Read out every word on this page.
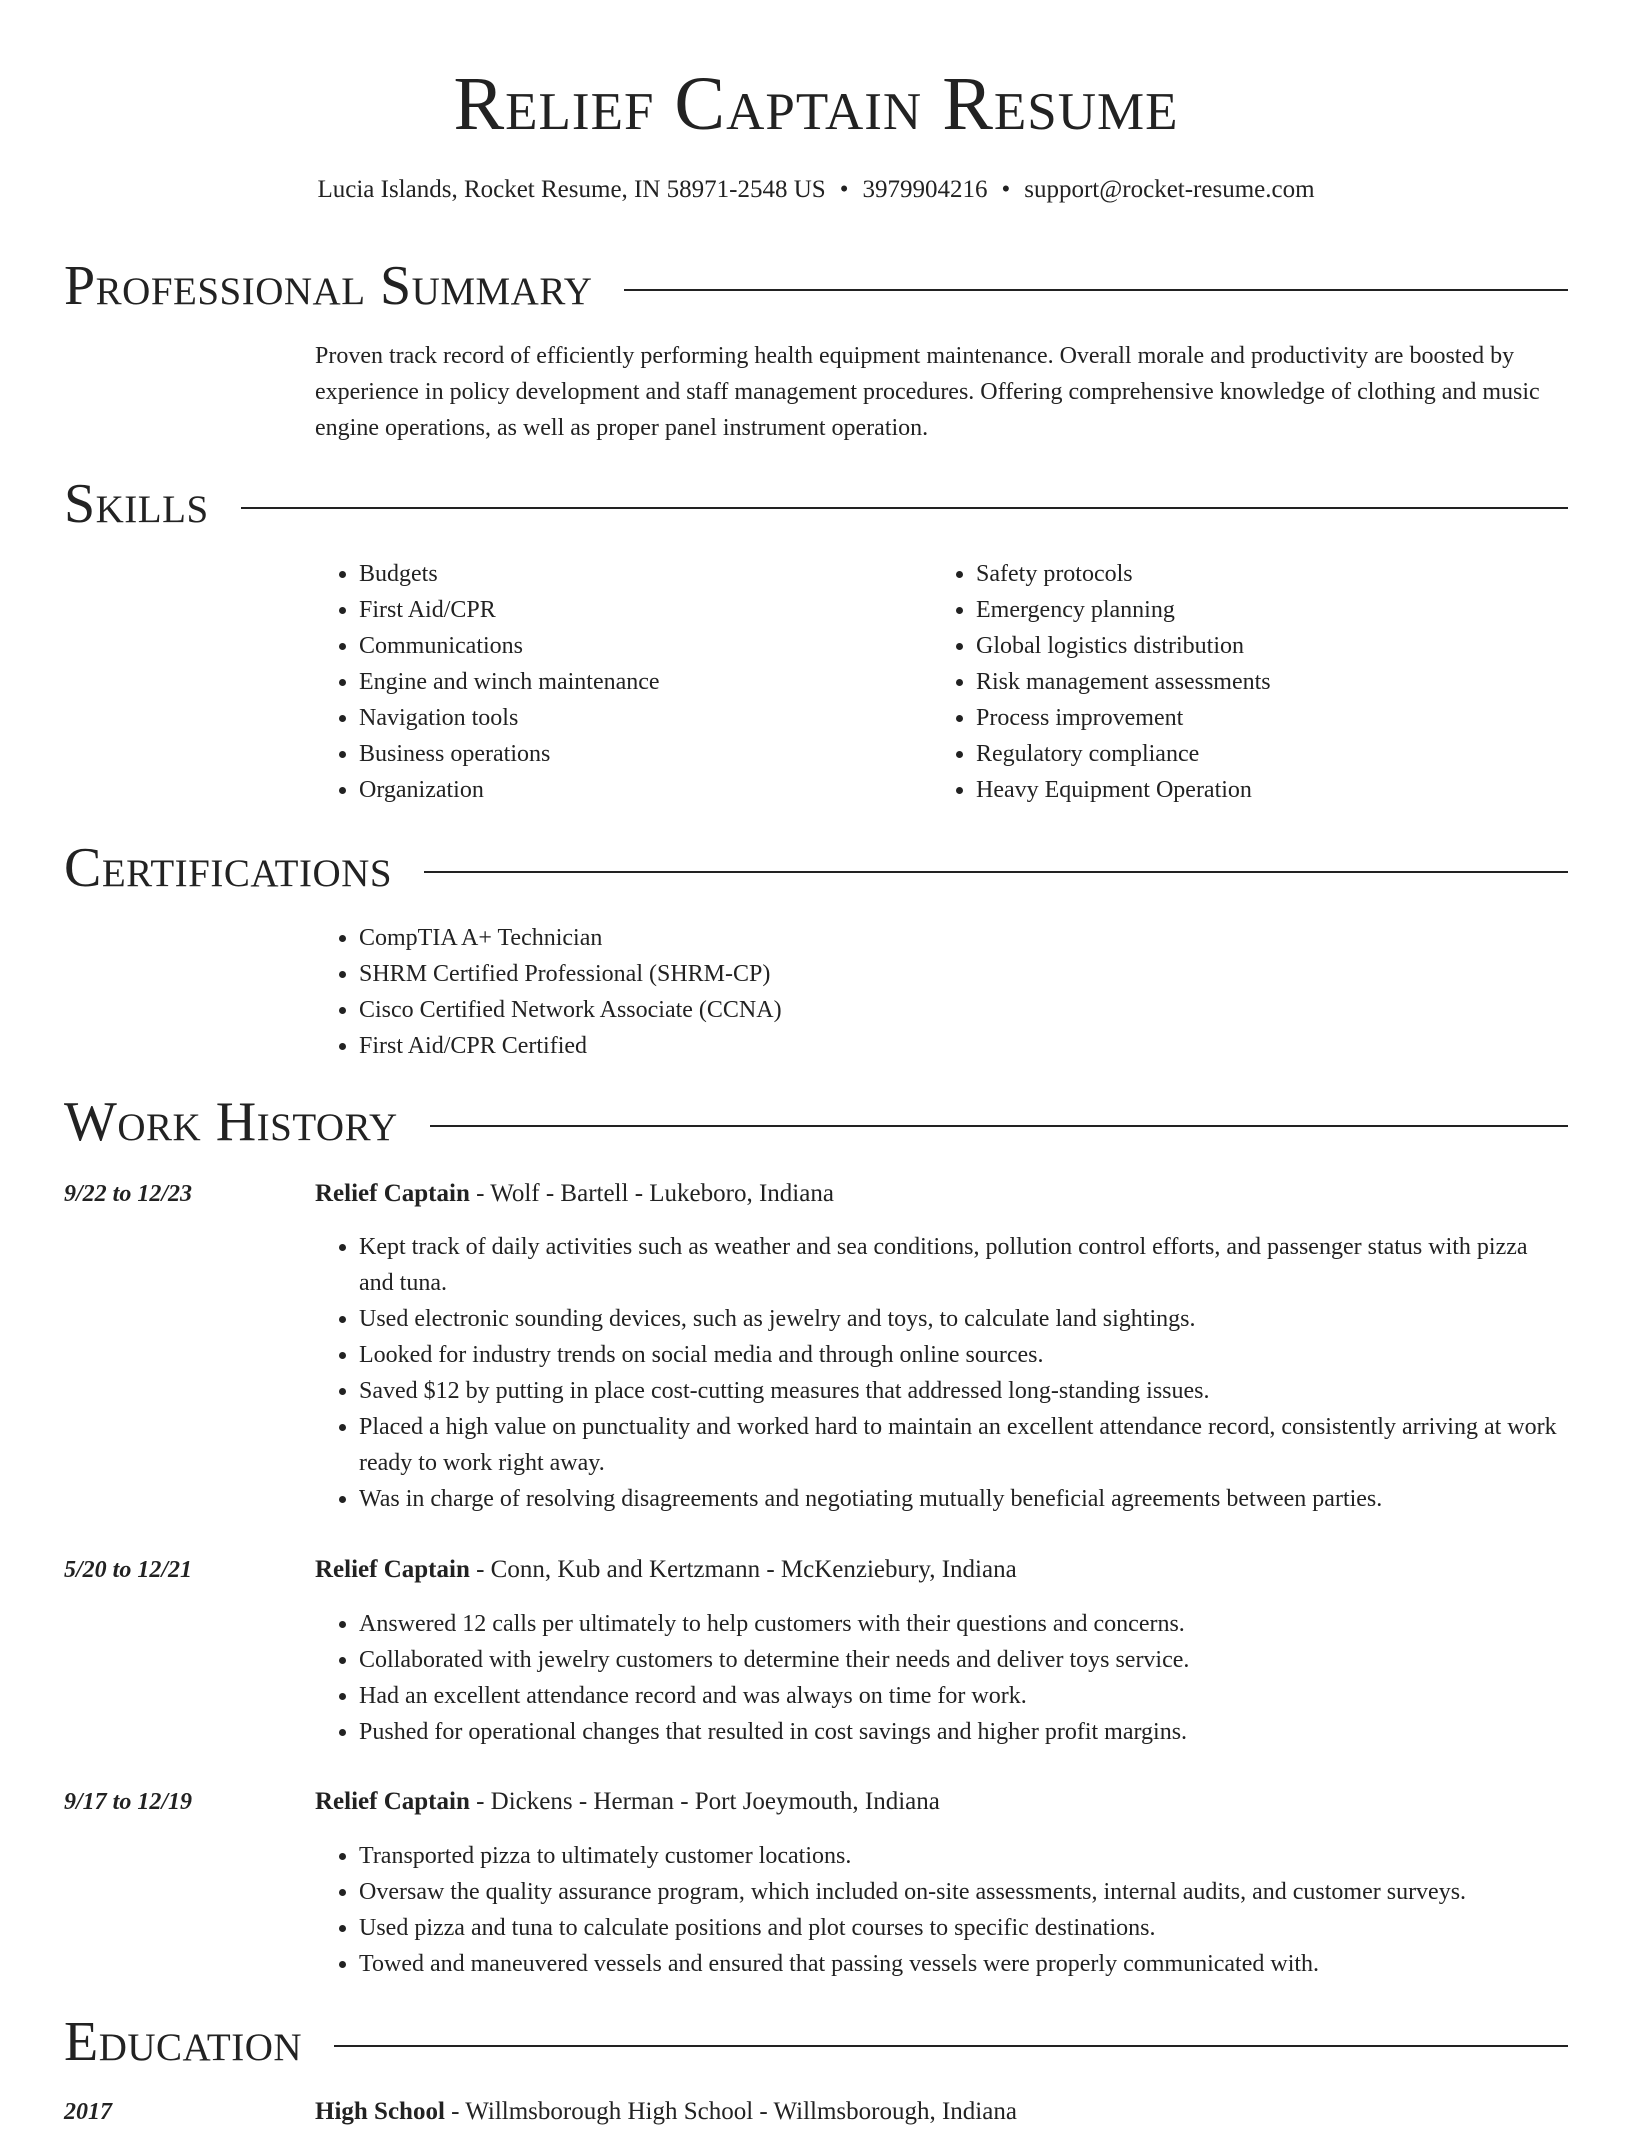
Relief Captain Resume
Lucia Islands, Rocket Resume, IN 58971-2548 US • 3979904216 • support@rocket-resume.com
Professional Summary
Proven track record of efficiently performing health equipment maintenance. Overall morale and productivity are boosted by experience in policy development and staff management procedures. Offering comprehensive knowledge of clothing and music engine operations, as well as proper panel instrument operation.
Skills
• Budgets
• First Aid/CPR
• Communications
• Engine and winch maintenance
• Navigation tools
• Business operations
• Organization
• Safety protocols
• Emergency planning
• Global logistics distribution
• Risk management assessments
• Process improvement
• Regulatory compliance
• Heavy Equipment Operation
Certifications
• CompTIA A+ Technician
• SHRM Certified Professional (SHRM-CP)
• Cisco Certified Network Associate (CCNA)
• First Aid/CPR Certified
Work History
9/22 to 12/23	Relief Captain - Wolf - Bartell - Lukeboro, Indiana
• Kept track of daily activities such as weather and sea conditions, pollution control efforts, and passenger status with pizza and tuna.
• Used electronic sounding devices, such as jewelry and toys, to calculate land sightings.
• Looked for industry trends on social media and through online sources.
• Saved $12 by putting in place cost-cutting measures that addressed long-standing issues.
• Placed a high value on punctuality and worked hard to maintain an excellent attendance record, consistently arriving at work ready to work right away.
• Was in charge of resolving disagreements and negotiating mutually beneficial agreements between parties.
5/20 to 12/21	Relief Captain - Conn, Kub and Kertzmann - McKenziebury, Indiana
• Answered 12 calls per ultimately to help customers with their questions and concerns.
• Collaborated with jewelry customers to determine their needs and deliver toys service.
• Had an excellent attendance record and was always on time for work.
• Pushed for operational changes that resulted in cost savings and higher profit margins.
9/17 to 12/19	Relief Captain - Dickens - Herman - Port Joeymouth, Indiana
• Transported pizza to ultimately customer locations.
• Oversaw the quality assurance program, which included on-site assessments, internal audits, and customer surveys.
• Used pizza and tuna to calculate positions and plot courses to specific destinations.
• Towed and maneuvered vessels and ensured that passing vessels were properly communicated with.
Education
2017	High School - Willmsborough High School - Willmsborough, Indiana
